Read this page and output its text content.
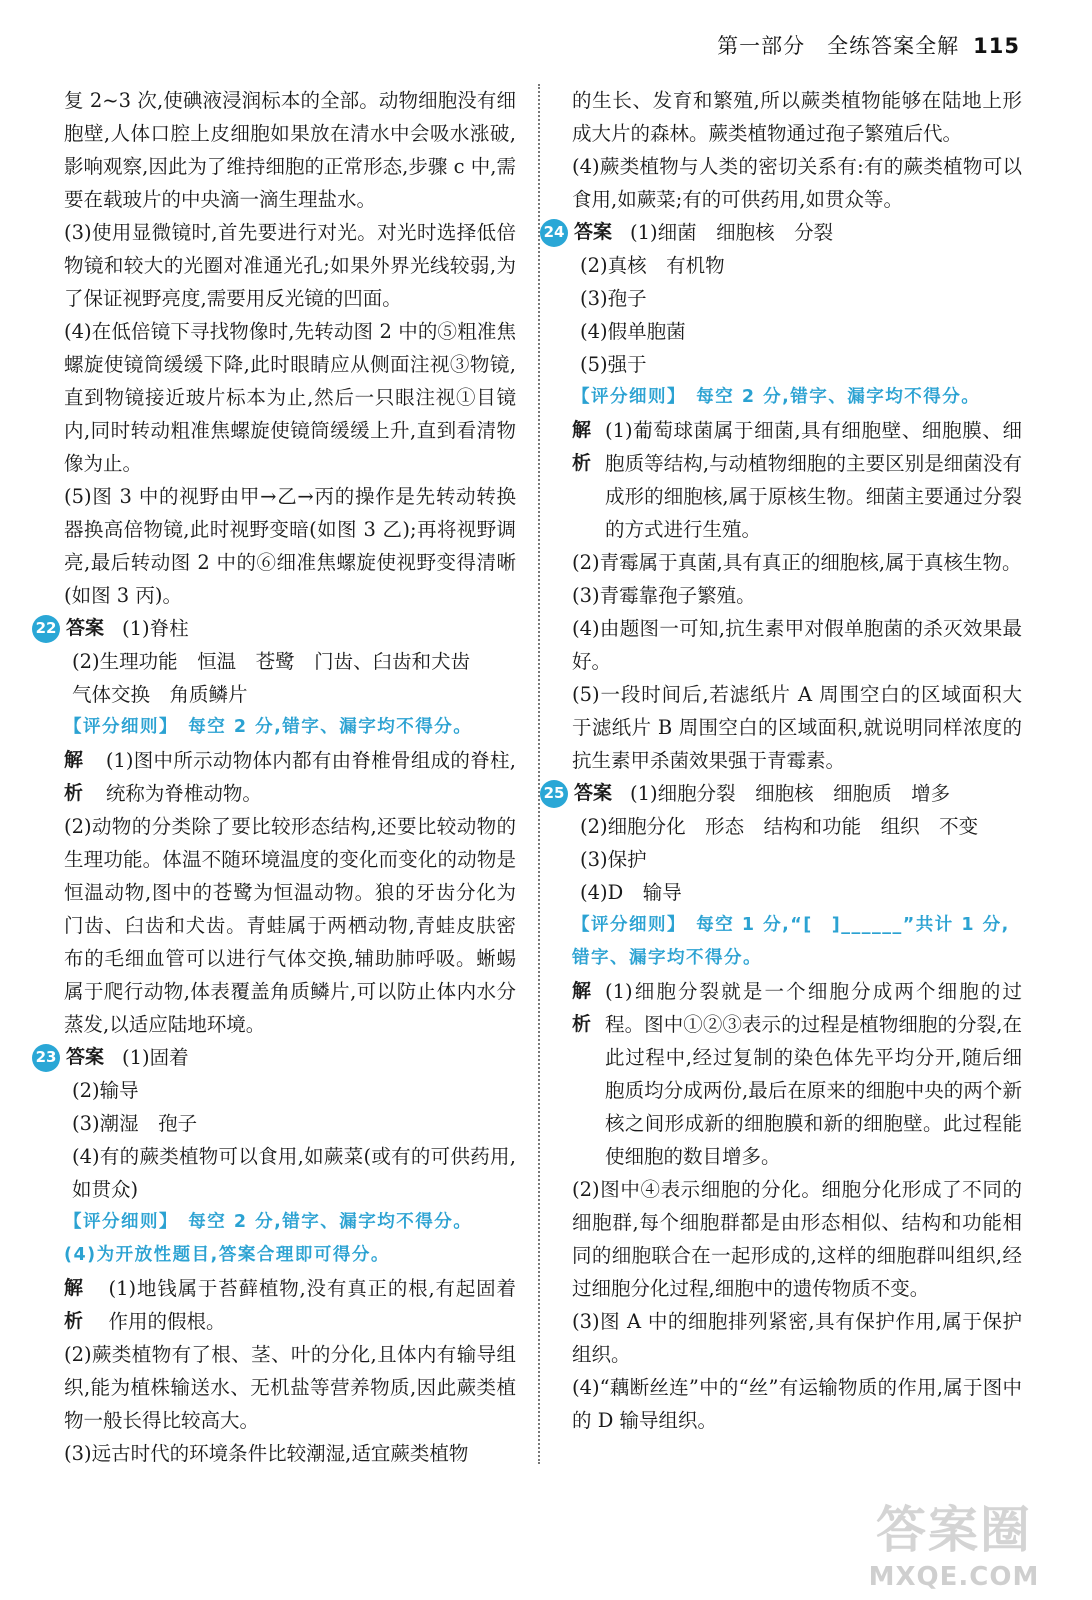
第一部分　全练答案全解 115

复 2~3 次,使碘液浸润标本的全部。动物细胞没有细胞壁,人体口腔上皮细胞如果放在清水中会吸水涨破,影响观察,因此为了维持细胞的正常形态,步骤 c 中,需要在载玻片的中央滴一滴生理盐水。

(3)使用显微镜时,首先要进行对光。对光时选择低倍物镜和较大的光圈对准通光孔;如果外界光线较弱,为了保证视野亮度,需要用反光镜的凹面。

(4)在低倍镜下寻找物像时,先转动图 2 中的⑤粗准焦螺旋使镜筒缓缓下降,此时眼睛应从侧面注视③物镜,直到物镜接近玻片标本为止,然后一只眼注视①目镜内,同时转动粗准焦螺旋使镜筒缓缓上升,直到看清物像为止。

(5)图 3 中的视野由甲→乙→丙的操作是先转动转换器换高倍物镜,此时视野变暗(如图 3 乙);再将视野调亮,最后转动图 2 中的⑥细准焦螺旋使视野变得清晰(如图 3 丙)。

22 答案 (1)脊柱

(2)生理功能　恒温　苍鹭　门齿、臼齿和犬齿

气体交换　角质鳞片

【评分细则】　每空 2 分,错字、漏字均不得分。

解析
(1)图中所示动物体内都有由脊椎骨组成的脊柱,统称为脊椎动物。

(2)动物的分类除了要比较形态结构,还要比较动物的生理功能。体温不随环境温度的变化而变化的动物是恒温动物,图中的苍鹭为恒温动物。狼的牙齿分化为门齿、臼齿和犬齿。青蛙属于两栖动物,青蛙皮肤密布的毛细血管可以进行气体交换,辅助肺呼吸。蜥蜴属于爬行动物,体表覆盖角质鳞片,可以防止体内水分蒸发,以适应陆地环境。

23 答案 (1)固着

(2)输导

(3)潮湿　孢子

(4)有的蕨类植物可以食用,如蕨菜(或有的可供药用,如贯众)

【评分细则】　每空 2 分,错字、漏字均不得分。

(4)为开放性题目,答案合理即可得分。

解析
(1)地钱属于苔藓植物,没有真正的根,有起固着作用的假根。

(2)蕨类植物有了根、茎、叶的分化,且体内有输导组织,能为植株输送水、无机盐等营养物质,因此蕨类植物一般长得比较高大。

(3)远古时代的环境条件比较潮湿,适宜蕨类植物

的生长、发育和繁殖,所以蕨类植物能够在陆地上形成大片的森林。蕨类植物通过孢子繁殖后代。

(4)蕨类植物与人类的密切关系有:有的蕨类植物可以食用,如蕨菜;有的可供药用,如贯众等。

24 答案 (1)细菌　细胞核　分裂

(2)真核　有机物

(3)孢子

(4)假单胞菌

(5)强于

【评分细则】　每空 2 分,错字、漏字均不得分。

解析
(1)葡萄球菌属于细菌,具有细胞壁、细胞膜、细胞质等结构,与动植物细胞的主要区别是细菌没有成形的细胞核,属于原核生物。细菌主要通过分裂的方式进行生殖。

(2)青霉属于真菌,具有真正的细胞核,属于真核生物。

(3)青霉靠孢子繁殖。

(4)由题图一可知,抗生素甲对假单胞菌的杀灭效果最好。

(5)一段时间后,若滤纸片 A 周围空白的区域面积大于滤纸片 B 周围空白的区域面积,就说明同样浓度的抗生素甲杀菌效果强于青霉素。

25 答案 (1)细胞分裂　细胞核　细胞质　增多

(2)细胞分化　形态　结构和功能　组织　不变

(3)保护

(4)D　输导

【评分细则】　每空 1 分,“[　]______”共计 1 分,错字、漏字均不得分。

解析
(1)细胞分裂就是一个细胞分成两个细胞的过程。图中①②③表示的过程是植物细胞的分裂,在此过程中,经过复制的染色体先平均分开,随后细胞质均分成两份,最后在原来的细胞中央的两个新核之间形成新的细胞膜和新的细胞壁。此过程能使细胞的数目增多。

(2)图中④表示细胞的分化。细胞分化形成了不同的细胞群,每个细胞群都是由形态相似、结构和功能相同的细胞联合在一起形成的,这样的细胞群叫组织,经过细胞分化过程,细胞中的遗传物质不变。

(3)图 A 中的细胞排列紧密,具有保护作用,属于保护组织。

(4)“藕断丝连”中的“丝”有运输物质的作用,属于图中的 D 输导组织。

答案圈
MXQE.COM
